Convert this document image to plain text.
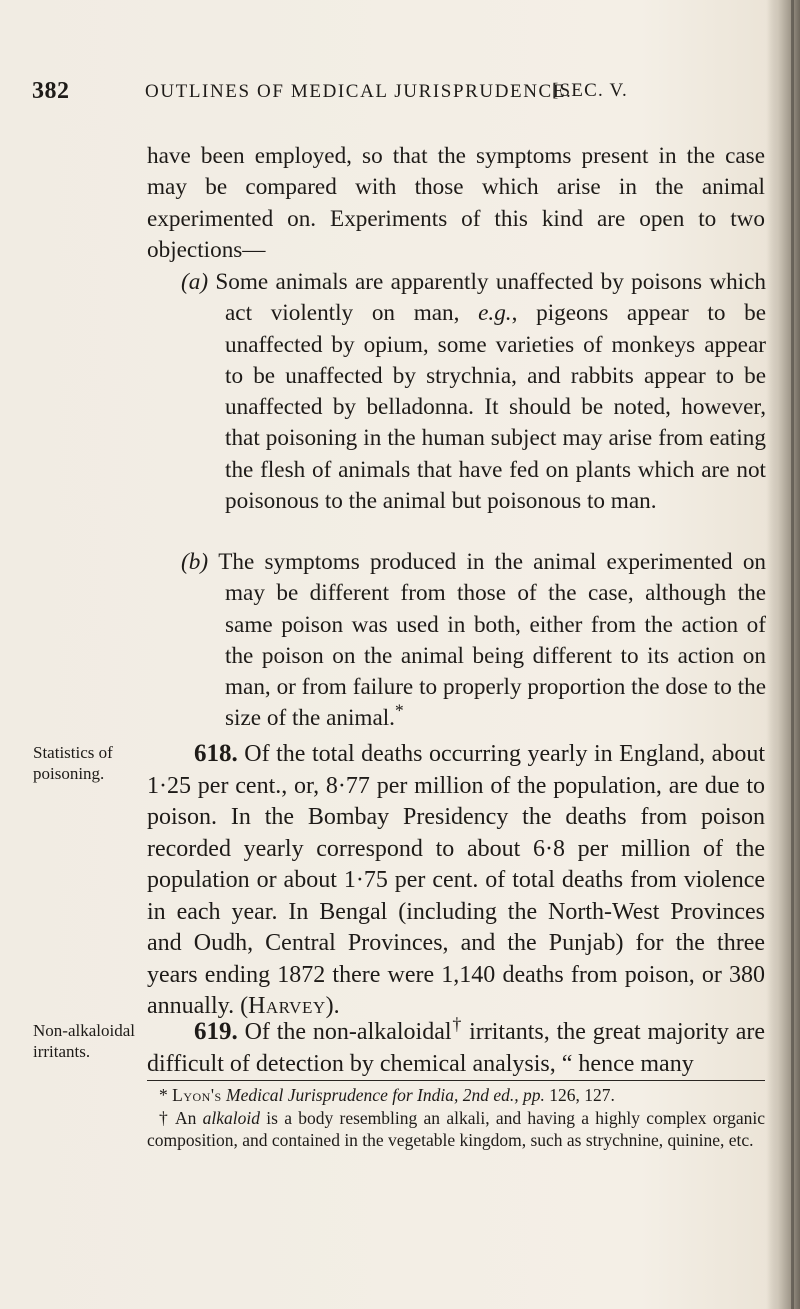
382	OUTLINES OF MEDICAL JURISPRUDENCE.
[SEC. V.

have been employed, so that the symptoms present in the case may be compared with those which arise in the animal experimented on. Experiments of this kind are open to two objections—

(a) Some animals are apparently unaffected by poisons which act violently on man, e.g., pigeons appear to be unaffected by opium, some varieties of monkeys appear to be unaffected by strychnia, and rabbits appear to be unaffected by belladonna. It should be noted, however, that poisoning in the human subject may arise from eating the flesh of animals that have fed on plants which are not poisonous to the animal but poisonous to man.

(b) The symptoms produced in the animal experimented on may be different from those of the case, although the same poison was used in both, either from the action of the poison on the animal being different to its action on man, or from failure to properly proportion the dose to the size of the animal.*

Statistics of poisoning.

618. Of the total deaths occurring yearly in England, about 1·25 per cent., or, 8·77 per million of the population, are due to poison. In the Bombay Presidency the deaths from poison recorded yearly correspond to about 6·8 per million of the population or about 1·75 per cent. of total deaths from violence in each year. In Bengal (including the North-West Provinces and Oudh, Central Provinces, and the Punjab) for the three years ending 1872 there were 1,140 deaths from poison, or 380 annually. (Harvey).

Non-alkaloidal irritants.

619. Of the non-alkaloidal† irritants, the great majority are difficult of detection by chemical analysis, “ hence many

* Lyon's Medical Jurisprudence for India, 2nd ed., pp. 126, 127.

† An alkaloid is a body resembling an alkali, and having a highly complex organic composition, and contained in the vegetable kingdom, such as strychnine, quinine, etc.
